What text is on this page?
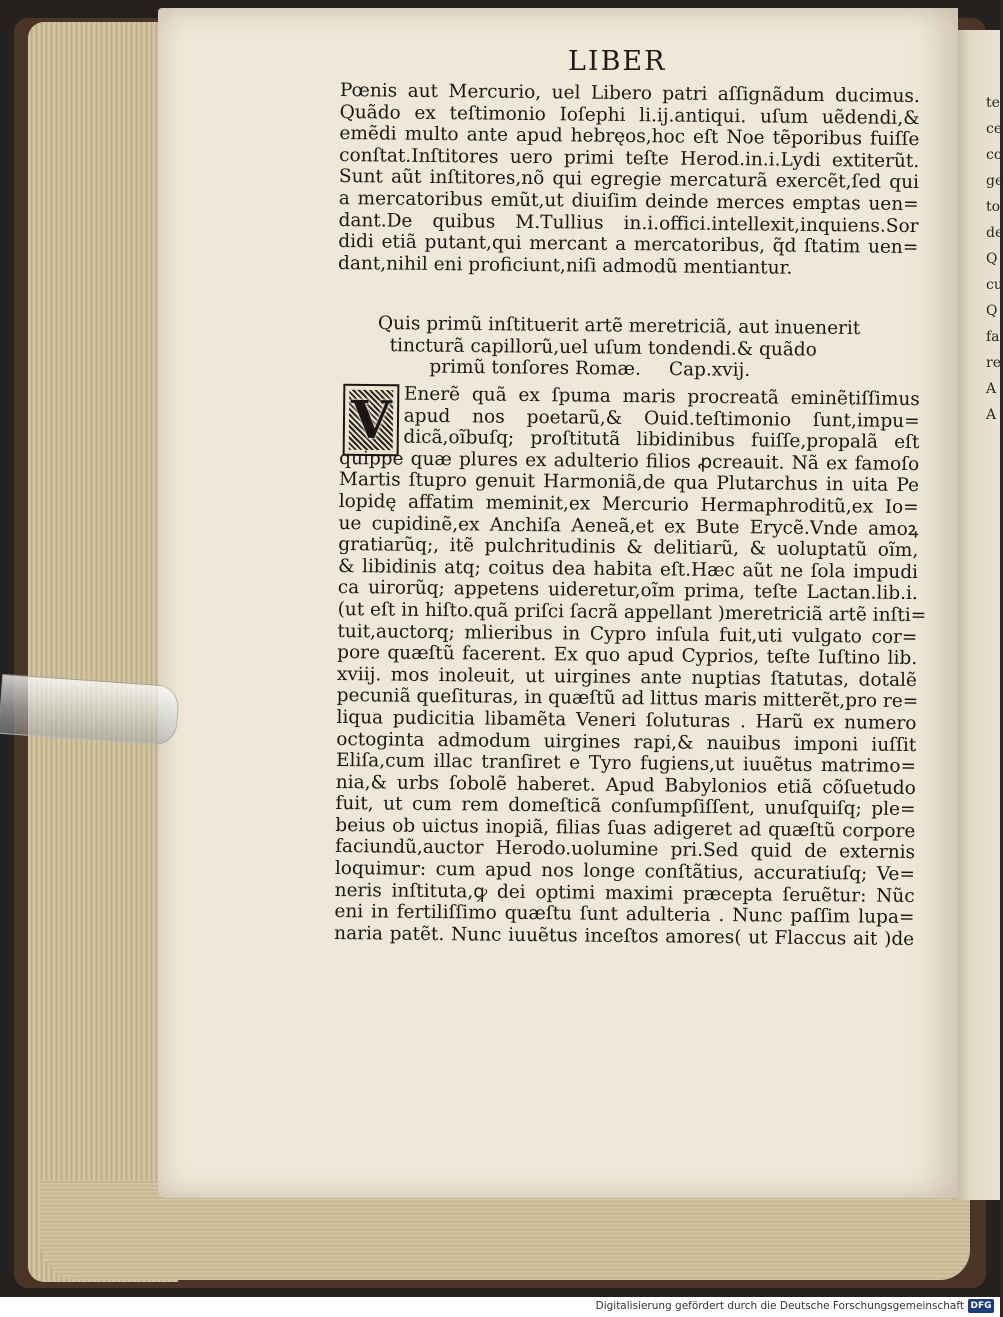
te
ce
co
ge
to
de
Q
cu
Q
fa
re
A
A
LIBER
Pœnis aut Mercurio, uel Libero patri aſſignãdum ducimus.
Quãdo ex teſtimonio Ioſephi li.ij.antiqui. uſum uẽdendi,&
emẽdi multo ante apud hebręos,hoc eſt Noe tẽporibus fuiſſe
conſtat.Inſtitores uero primi teſte Herod.in.i.Lydi extiterũt.
Sunt aũt inſtitores,nõ qui egregie mercaturã exercẽt,ſed qui
a mercatoribus emũt,ut diuiſim deinde merces emptas uen=
dant.De quibus M.Tullius in.i.offici.intellexit,inquiens.Sor
didi etiã putant,qui mercant a mercatoribus, q̃d ſtatim uen=
dant,nihil eni proficiunt,niſi admodũ mentiantur.
Quis primũ inſtituerit artẽ meretriciã, aut inuenerit
tincturã capillorũ,uel uſum tondendi.& quãdo
primũ tonſores Romæ. Cap.xvij.
V Enerẽ quã ex ſpuma maris procreatã eminẽtiſſimus
apud nos poetarũ,& Ouid.teſtimonio ſunt,impu=
dicã,oĩbuſq; proſtitutã libidinibus fuiſſe,propalã eſt
quippe quæ plures ex adulterio filios ꝓcreauit. Nã ex famoſo
Martis ſtupro genuit Harmoniã,de qua Plutarchus in uita Pe
lopidę affatim meminit,ex Mercurio Hermaphroditũ,ex Io=
ue cupidinẽ,ex Anchiſa Aeneã,et ex Bute Erycẽ.Vnde amoꝝ
gratiarũq;, itẽ pulchritudinis & delitiarũ, & uoluptatũ oĩm,
& libidinis atq; coitus dea habita eſt.Hæc aũt ne ſola impudi
ca uirorũq; appetens uideretur,oĩm prima, teſte Lactan.lib.i.
(ut eſt in hiſto.quã priſci ſacrã appellant )meretriciã artẽ inſti=
tuit,auctorq; mlieribus in Cypro inſula fuit,uti vulgato cor=
pore quæſtũ facerent. Ex quo apud Cyprios, teſte Iuſtino lib.
xviij. mos inoleuit, ut uirgines ante nuptias ſtatutas, dotalẽ
pecuniã queſituras, in quæſtũ ad littus maris mitterẽt,pro re=
liqua pudicitia libamẽta Veneri ſoluturas . Harũ ex numero
octoginta admodum uirgines rapi,& nauibus imponi iuſſit
Eliſa,cum illac tranſiret e Tyro fugiens,ut iuuẽtus matrimo=
nia,& urbs ſobolẽ haberet. Apud Babylonios etiã cõſuetudo
fuit, ut cum rem domeſticã conſumpſiſſent, unuſquiſq; ple=
beius ob uictus inopiã, filias ſuas adigeret ad quæſtũ corpore
faciundũ,auctor Herodo.uolumine pri.Sed quid de externis
loquimur: cum apud nos longe conſtãtius, accuratiuſq; Ve=
neris inſtituta,ꝙ dei optimi maximi præcepta ſeruẽtur: Nũc
eni in fertiliſſimo quæſtu ſunt adulteria . Nunc paſſim lupa=
naria patẽt. Nunc iuuẽtus inceſtos amores( ut Flaccus ait )de
Digitalisierung gefördert durch die Deutsche Forschungsgemeinschaft DFG
